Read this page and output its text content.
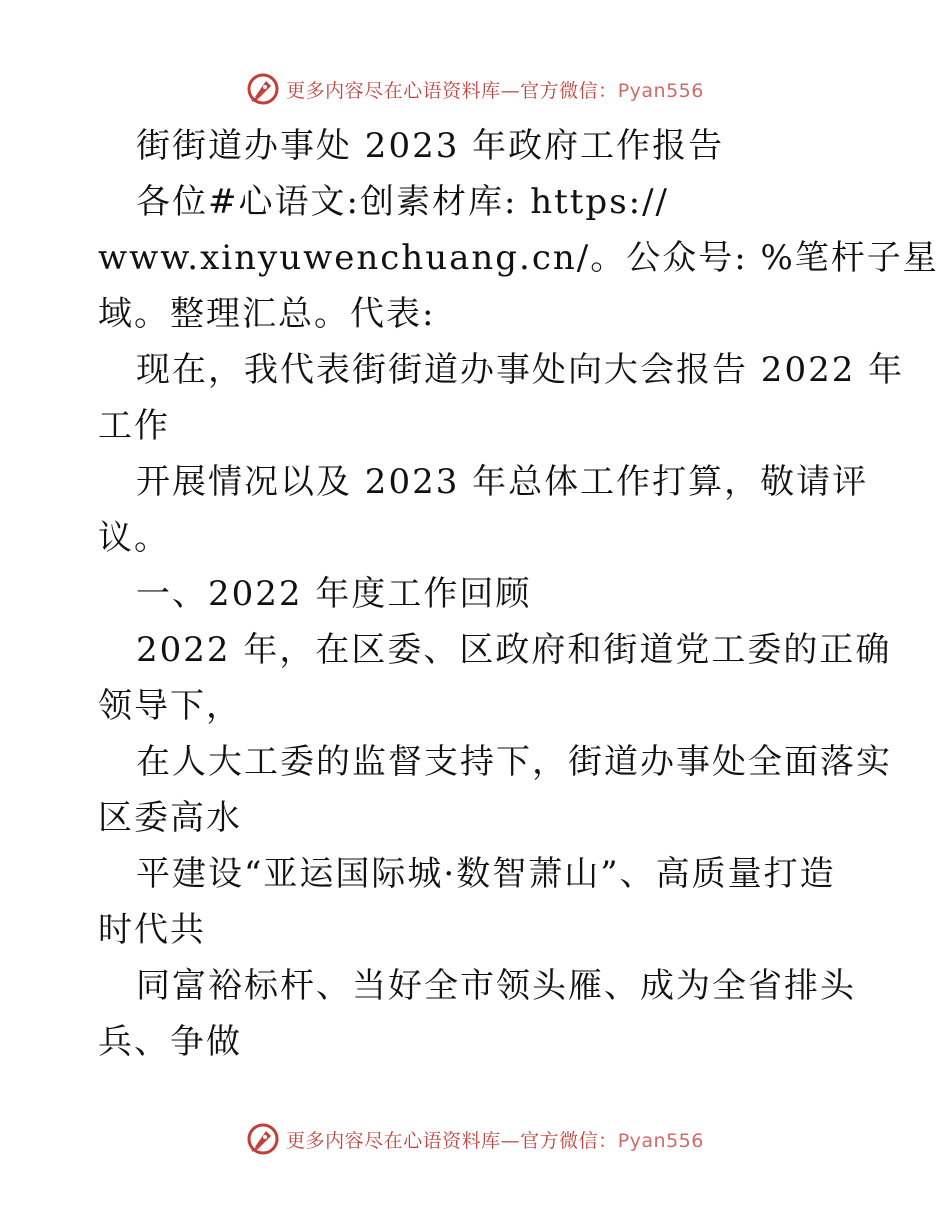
更多内容尽在心语资料库—官方微信：Pyan556
街街道办事处 2023 年政府工作报告
各位#心语文:创素材库: https://
www.xinyuwenchuang.cn/。公众号: %笔杆子星
域。整理汇总。代表:
现在，我代表街街道办事处向大会报告 2022 年
工作
开展情况以及 2023 年总体工作打算，敬请评
议。
一、2022 年度工作回顾
2022 年，在区委、区政府和街道党工委的正确
领导下，
在人大工委的监督支持下，街道办事处全面落实
区委高水
平建设“亚运国际城·数智萧山”、高质量打造
时代共
同富裕标杆、当好全市领头雁、成为全省排头
兵、争做
更多内容尽在心语资料库—官方微信：Pyan556
